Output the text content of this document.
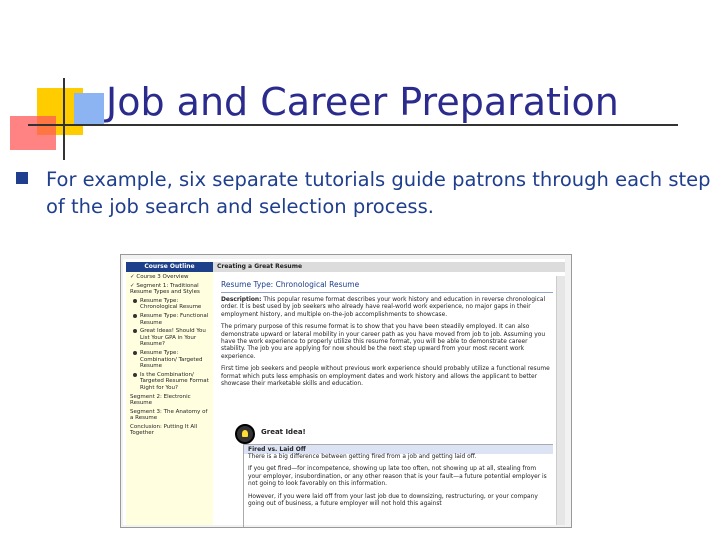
Job and Career Preparation
For example, six separate tutorials guide patrons through each step of the job search and selection process.
Course Outline
✓ Course 3 Overview
✓ Segment 1: Traditional Resume Types and Styles
Resume Type: Chronological Resume
Resume Type: Functional Resume
Great Ideas! Should You List Your GPA in Your Resume?
Resume Type: Combination/ Targeted Resume
Is the Combination/ Targeted Resume Format Right for You?
Segment 2: Electronic Resume
Segment 3: The Anatomy of a Resume
Conclusion: Putting It All Together
Creating a Great Resume
Resume Type: Chronological Resume

Description: This popular resume format describes your work history and education in reverse chronological order. It is best used by job seekers who already have real-world work experience, no major gaps in their employment history, and multiple on-the-job accomplishments to showcase.

The primary purpose of this resume format is to show that you have been steadily employed. It can also demonstrate upward or lateral mobility in your career path as you have moved from job to job. Assuming you have the work experience to properly utilize this resume format, you will be able to demonstrate career stability. The job you are applying for now should be the next step upward from your most recent work experience.

First time job seekers and people without previous work experience should probably utilize a functional resume format which puts less emphasis on employment dates and work history and allows the applicant to better showcase their marketable skills and education.

Great Idea!
Fired vs. Laid Off

There is a big difference between getting fired from a job and getting laid off.

If you get fired—for incompetence, showing up late too often, not showing up at all, stealing from your employer, insubordination, or any other reason that is your fault—a future potential employer is not going to look favorably on this information.

However, if you were laid off from your last job due to downsizing, restructuring, or your company going out of business, a future employer will not hold this against
